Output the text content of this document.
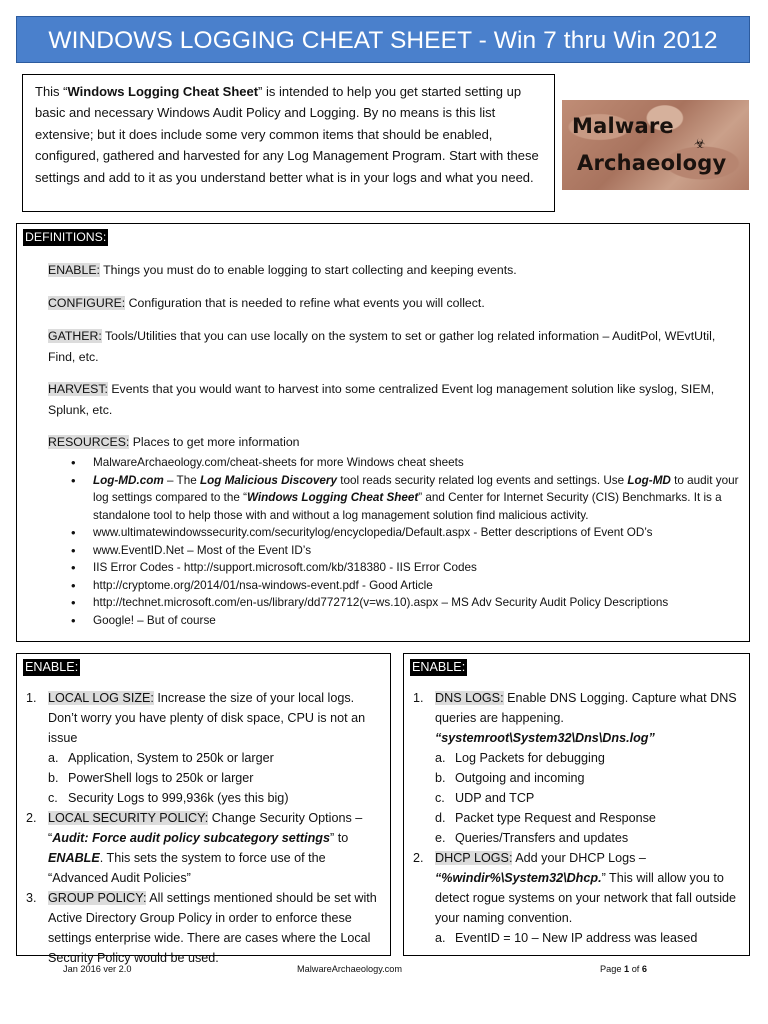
WINDOWS LOGGING CHEAT SHEET - Win 7 thru Win 2012
This “Windows Logging Cheat Sheet” is intended to help you get started setting up basic and necessary Windows Audit Policy and Logging. By no means is this list extensive; but it does include some very common items that should be enabled, configured, gathered and harvested for any Log Management Program. Start with these settings and add to it as you understand better what is in your logs and what you need.
Malware
☣
Archaeology
DEFINITIONS:
ENABLE: Things you must do to enable logging to start collecting and keeping events.
CONFIGURE: Configuration that is needed to refine what events you will collect.
GATHER: Tools/Utilities that you can use locally on the system to set or gather log related information – AuditPol, WEvtUtil, Find, etc.
HARVEST: Events that you would want to harvest into some centralized Event log management solution like syslog, SIEM, Splunk, etc.
RESOURCES: Places to get more information
• MalwareArchaeology.com/cheat-sheets for more Windows cheat sheets
• Log-MD.com – The Log Malicious Discovery tool reads security related log events and settings. Use Log-MD to audit your log settings compared to the “Windows Logging Cheat Sheet” and Center for Internet Security (CIS) Benchmarks. It is a standalone tool to help those with and without a log management solution find malicious activity.
• www.ultimatewindowssecurity.com/securitylog/encyclopedia/Default.aspx - Better descriptions of Event OD’s
• www.EventID.Net – Most of the Event ID’s
• IIS Error Codes - http://support.microsoft.com/kb/318380 - IIS Error Codes
• http://cryptome.org/2014/01/nsa-windows-event.pdf - Good Article
• http://technet.microsoft.com/en-us/library/dd772712(v=ws.10).aspx – MS Adv Security Audit Policy Descriptions
• Google! – But of course
ENABLE:
1. LOCAL LOG SIZE: Increase the size of your local logs. Don’t worry you have plenty of disk space, CPU is not an issue
a. Application, System to 250k or larger
b. PowerShell logs to 250k or larger
c. Security Logs to 999,936k (yes this big)
2. LOCAL SECURITY POLICY: Change Security Options – “Audit: Force audit policy subcategory settings” to ENABLE. This sets the system to force use of the “Advanced Audit Policies”
3. GROUP POLICY: All settings mentioned should be set with Active Directory Group Policy in order to enforce these settings enterprise wide. There are cases where the Local Security Policy would be used.
ENABLE:
1. DNS LOGS: Enable DNS Logging. Capture what DNS queries are happening.
“systemroot\System32\Dns\Dns.log”
a. Log Packets for debugging
b. Outgoing and incoming
c. UDP and TCP
d. Packet type Request and Response
e. Queries/Transfers and updates
2. DHCP LOGS: Add your DHCP Logs – “%windir%\System32\Dhcp.” This will allow you to detect rogue systems on your network that fall outside your naming convention.
a. EventID = 10 – New IP address was leased
Jan 2016 ver 2.0	MalwareArchaeology.com	Page 1 of 6
